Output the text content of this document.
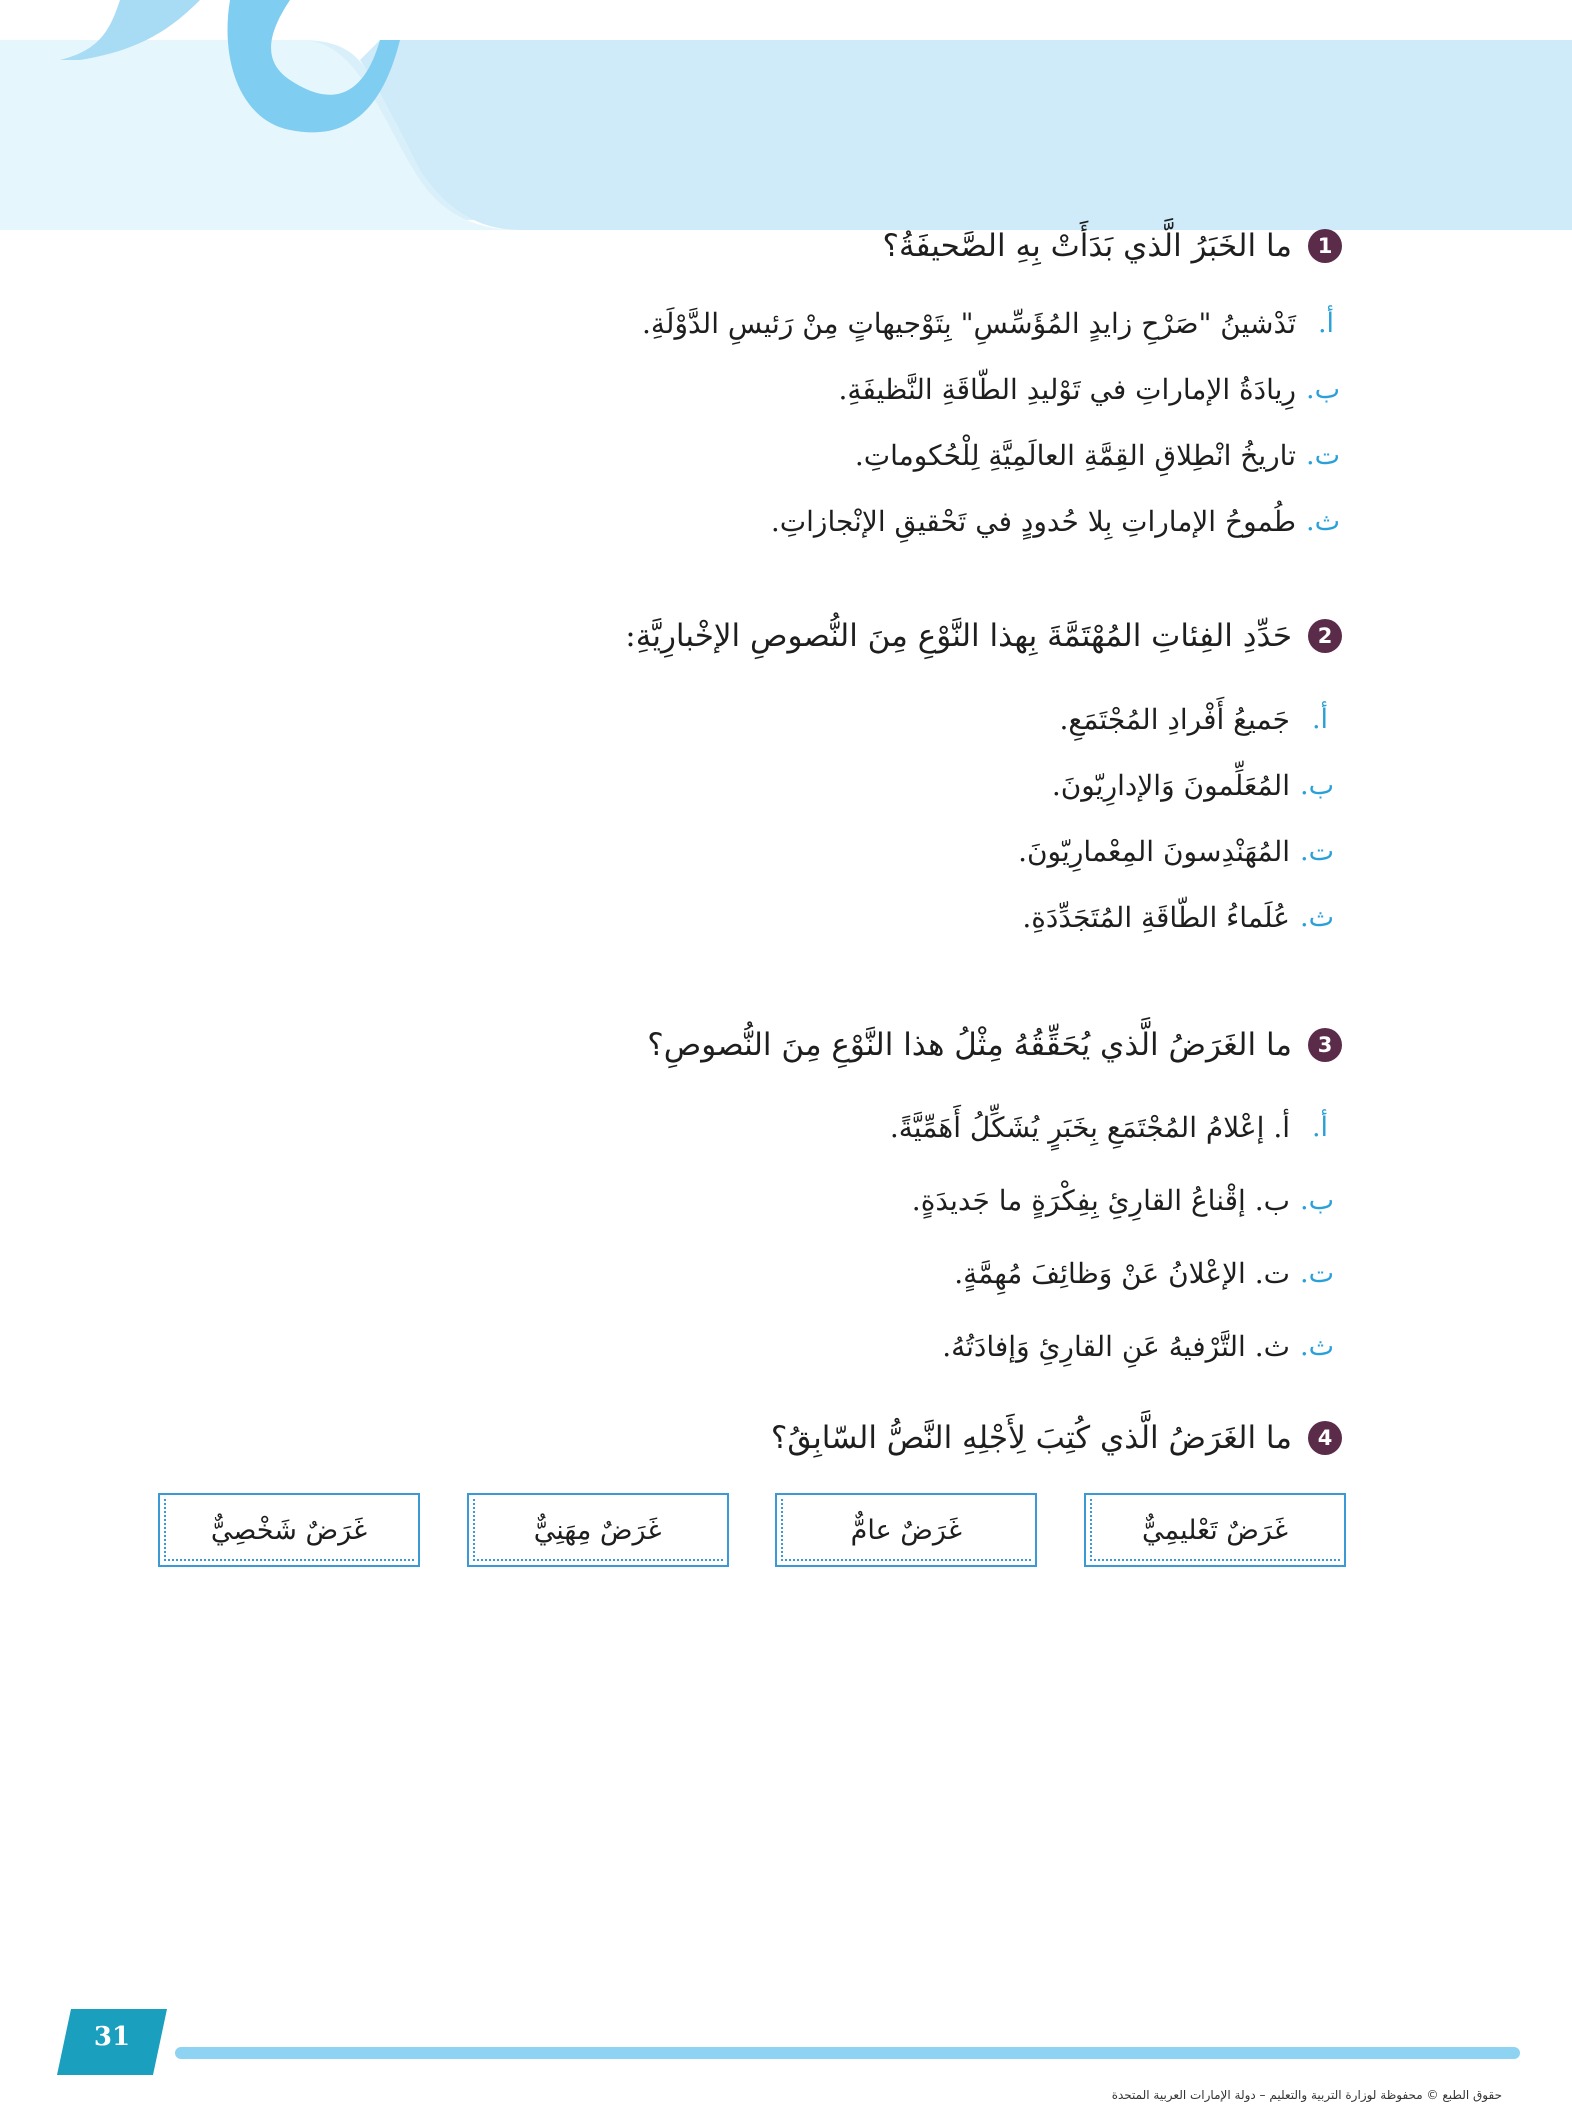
1
ما الخَبَرُ الَّذي بَدَأَتْ بِهِ الصَّحيفَةُ؟
أ.
تَدْشينُ "صَرْحِ زايدٍ المُؤَسِّسِ" بِتَوْجيهاتٍ مِنْ رَئيسِ الدَّوْلَةِ.
ب.
رِيادَةُ الإماراتِ في تَوْليدِ الطّاقَةِ النَّظيفَةِ.
ت.
تاريخُ انْطِلاقِ القِمَّةِ العالَمِيَّةِ لِلْحُكوماتِ.
ث.
طُموحُ الإماراتِ بِلا حُدودٍ في تَحْقيقِ الإنْجازاتِ.
2
حَدِّدِ الفِئاتِ المُهْتَمَّةَ بِهذا النَّوْعِ مِنَ النُّصوصِ الإخْبارِيَّةِ:
أ.
جَميعُ أَفْرادِ المُجْتَمَعِ.
ب.
المُعَلِّمونَ وَالإدارِيّونَ.
ت.
المُهَنْدِسونَ المِعْمارِيّونَ.
ث.
عُلَماءُ الطّاقَةِ المُتَجَدِّدَةِ.
3
ما الغَرَضُ الَّذي يُحَقِّقُهُ مِثْلُ هذا النَّوْعِ مِنَ النُّصوصِ؟
أ.
أ. إعْلامُ المُجْتَمَعِ بِخَبَرٍ يُشَكِّلُ أَهَمِّيَّةً.
ب.
ب. إقْناعُ القارِئِ بِفِكْرَةٍ ما جَديدَةٍ.
ت.
ت. الإعْلانُ عَنْ وَظائِفَ مُهِمَّةٍ.
ث.
ث. التَّرْفيهُ عَنِ القارِئِ وَإفادَتُهُ.
4
ما الغَرَضُ الَّذي كُتِبَ لِأَجْلِهِ النَّصُّ السّابِقُ؟
غَرَضٌ تَعْليمِيٌّ
غَرَضٌ عامٌّ
غَرَضٌ مِهَنِيٌّ
غَرَضٌ شَخْصِيٌّ
31
حقوق الطبع © محفوظة لوزارة التربية والتعليم – دولة الإمارات العربية المتحدة
